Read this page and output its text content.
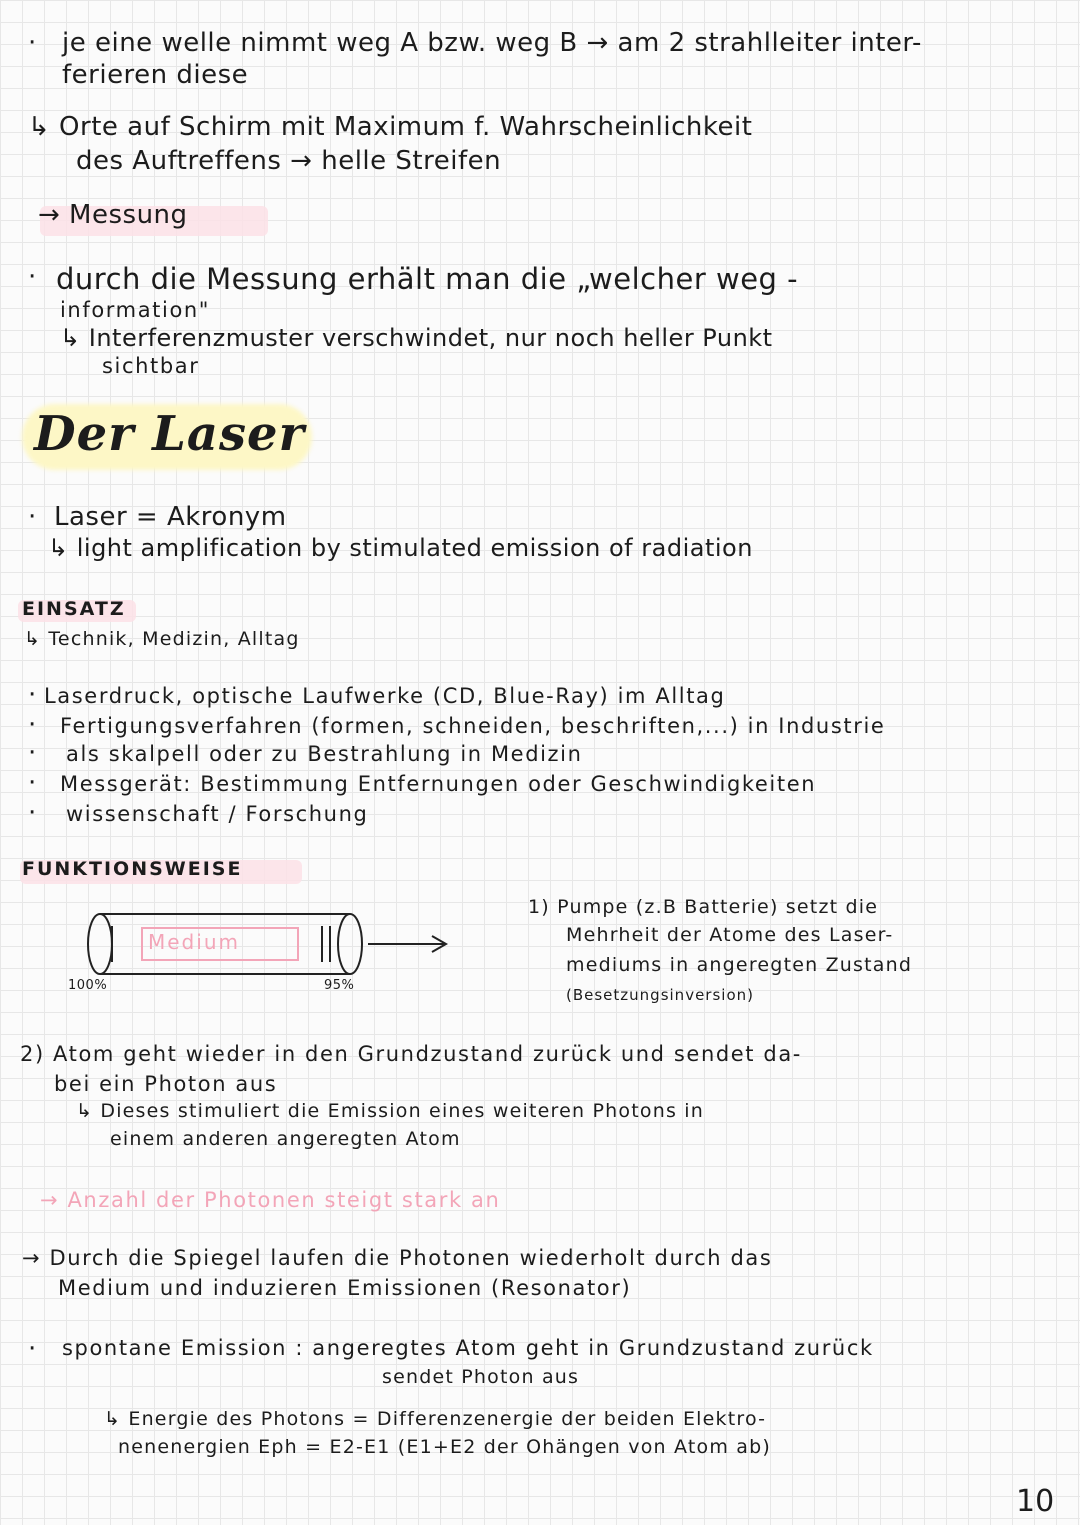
· je eine welle nimmt weg A bzw. weg B → am 2 strahlleiter inter-
ferieren diese
↳ Orte auf Schirm mit Maximum f. Wahrscheinlichkeit
des Auftreffens → helle Streifen
→ Messung
· durch die Messung erhält man die „welcher weg -
information"
↳ Interferenzmuster verschwindet, nur noch heller Punkt
sichtbar
Der Laser
· Laser = Akronym
↳ light amplification by stimulated emission of radiation
EINSATZ
↳ Technik, Medizin, Alltag
· Laserdruck, optische Laufwerke (CD, Blue-Ray) im Alltag
· Fertigungsverfahren (formen, schneiden, beschriften,...) in Industrie
· als skalpell oder zu Bestrahlung in Medizin
· Messgerät: Bestimmung Entfernungen oder Geschwindigkeiten
· wissenschaft / Forschung
FUNKTIONSWEISE
Medium
100%	95%
1) Pumpe (z.B Batterie) setzt die
Mehrheit der Atome des Laser-
mediums in angeregten Zustand
(Besetzungsinversion)
2) Atom geht wieder in den Grundzustand zurück und sendet da-
bei ein Photon aus
↳ Dieses stimuliert die Emission eines weiteren Photons in
einem anderen angeregten Atom
→ Anzahl der Photonen steigt stark an
→ Durch die Spiegel laufen die Photonen wiederholt durch das
Medium und induzieren Emissionen (Resonator)
· spontane Emission : angeregtes Atom geht in Grundzustand zurück
sendet Photon aus
↳ Energie des Photons = Differenzenergie der beiden Elektro-
nenenergien Eph = E2-E1 (E1+E2 der Ohängen von Atom ab)
10
